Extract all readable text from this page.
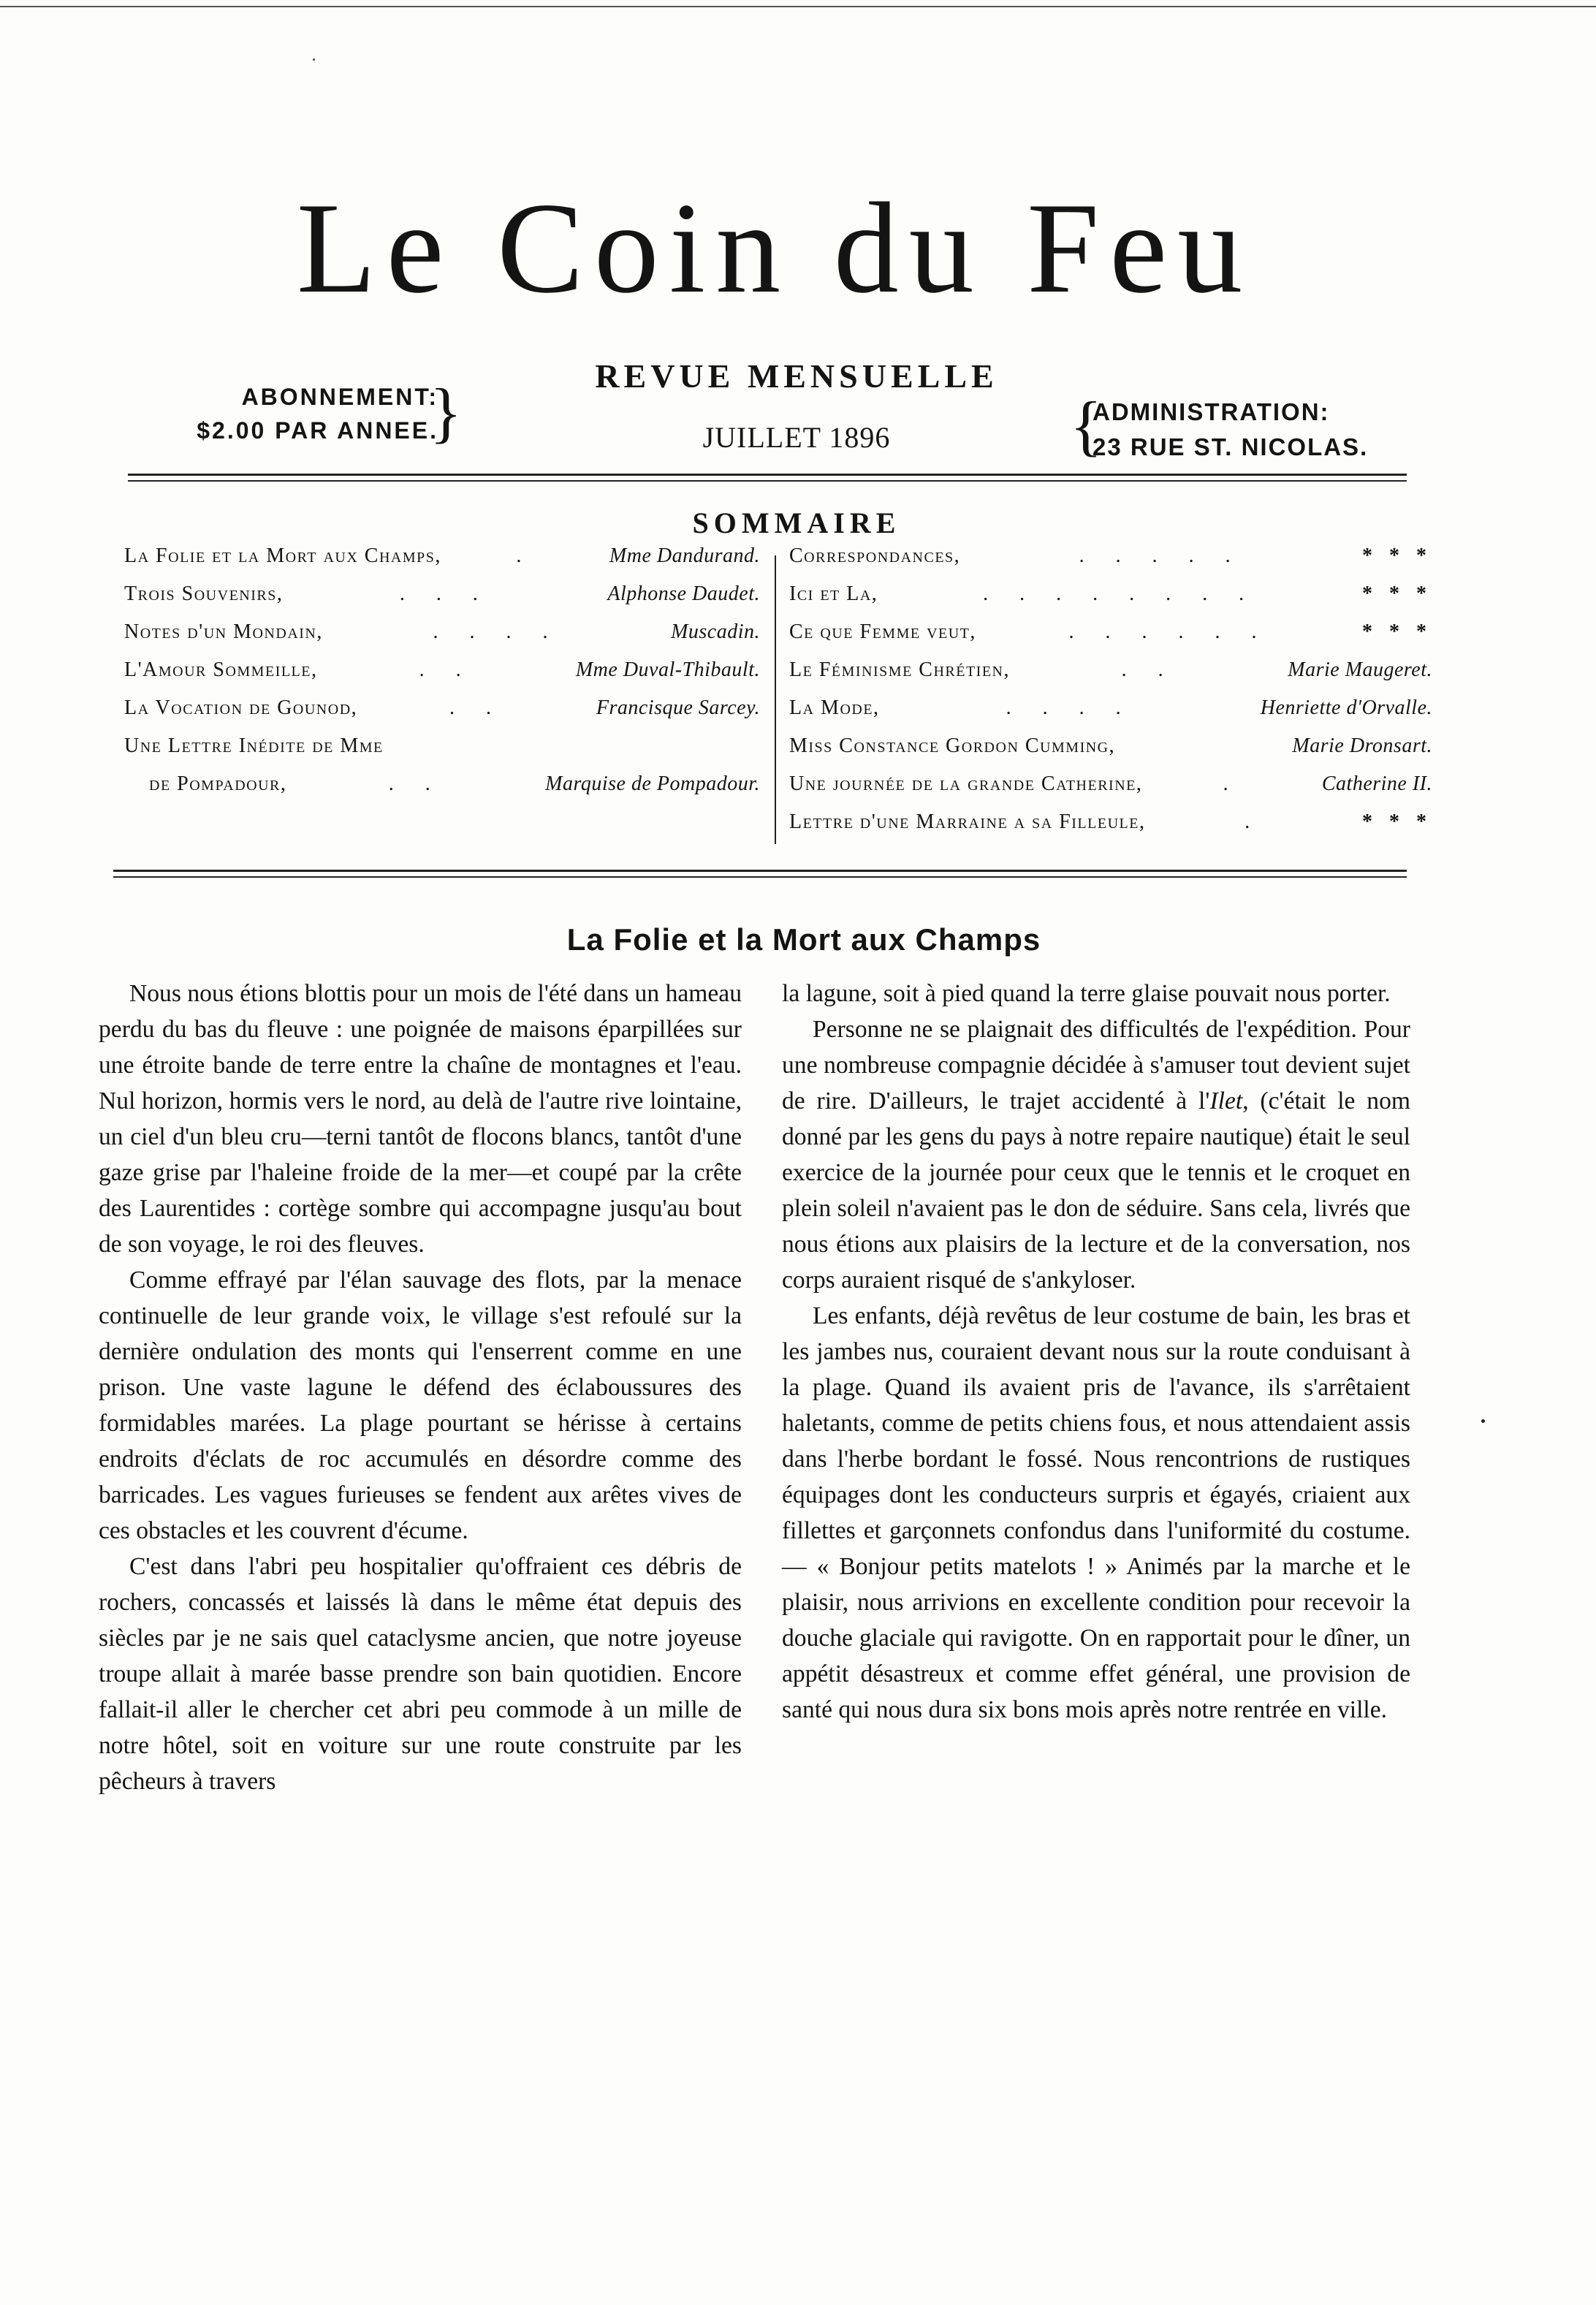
Le Coin du Feu
REVUE MENSUELLE
JUILLET 1896
ABONNEMENT:
$2.00 PAR ANNEE.
}	{
ADMINISTRATION:
23 RUE ST. NICOLAS.
SOMMAIRE
La Folie et la Mort aux Champs,	.	Mme Dandurand.
Trois Souvenirs,	. . .	Alphonse Daudet.
Notes d'un Mondain,	. . . .	Muscadin.
L'Amour Sommeille,	. .	Mme Duval-Thibault.
La Vocation de Gounod,	. .	Francisque Sarcey.
Une Lettre Inédite de Mme
de Pompadour,	. .	Marquise de Pompadour.
Correspondances,	. . . . .	* * *
Ici et La,	. . . . . . . .	* * *
Ce que Femme veut,	. . . . . .	* * *
Le Féminisme Chrétien,	. .	Marie Maugeret.
La Mode,	. . . .	Henriette d'Orvalle.
Miss Constance Gordon Cumming,	Marie Dronsart.
Une journée de la grande Catherine,	.	Catherine II.
Lettre d'une Marraine a sa Filleule,	.	* * *
La Folie et la Mort aux Champs

Nous nous étions blottis pour un mois de l'été dans un hameau perdu du bas du fleuve : une poignée de maisons éparpillées sur une étroite bande de terre entre la chaîne de montagnes et l'eau. Nul horizon, hormis vers le nord, au delà de l'autre rive lointaine, un ciel d'un bleu cru—terni tantôt de flocons blancs, tantôt d'une gaze grise par l'haleine froide de la mer—et coupé par la crête des Laurentides : cortège sombre qui accompagne jusqu'au bout de son voyage, le roi des fleuves.

Comme effrayé par l'élan sauvage des flots, par la menace continuelle de leur grande voix, le village s'est refoulé sur la dernière ondulation des monts qui l'enserrent comme en une prison. Une vaste lagune le défend des éclaboussures des formidables marées. La plage pourtant se hérisse à certains endroits d'éclats de roc accumulés en désordre comme des barricades. Les vagues furieuses se fendent aux arêtes vives de ces obstacles et les couvrent d'écume.

C'est dans l'abri peu hospitalier qu'offraient ces débris de rochers, concassés et laissés là dans le même état depuis des siècles par je ne sais quel cataclysme ancien, que notre joyeuse troupe allait à marée basse prendre son bain quotidien. Encore fallait-il aller le chercher cet abri peu commode à un mille de notre hôtel, soit en voiture sur une route construite par les pêcheurs à travers

la lagune, soit à pied quand la terre glaise pouvait nous porter.

Personne ne se plaignait des difficultés de l'expédition. Pour une nombreuse compagnie décidée à s'amuser tout devient sujet de rire. D'ailleurs, le trajet accidenté à l'Ilet, (c'était le nom donné par les gens du pays à notre repaire nautique) était le seul exercice de la journée pour ceux que le tennis et le croquet en plein soleil n'avaient pas le don de séduire. Sans cela, livrés que nous étions aux plaisirs de la lecture et de la conversation, nos corps auraient risqué de s'ankyloser.

Les enfants, déjà revêtus de leur costume de bain, les bras et les jambes nus, couraient devant nous sur la route conduisant à la plage. Quand ils avaient pris de l'avance, ils s'arrêtaient haletants, comme de petits chiens fous, et nous attendaient assis dans l'herbe bordant le fossé. Nous rencontrions de rustiques équipages dont les conducteurs surpris et égayés, criaient aux fillettes et garçonnets confondus dans l'uniformité du costume.— « Bonjour petits matelots ! » Animés par la marche et le plaisir, nous arrivions en excellente condition pour recevoir la douche glaciale qui ravigotte. On en rapportait pour le dîner, un appétit désastreux et comme effet général, une provision de santé qui nous dura six bons mois après notre rentrée en ville.
